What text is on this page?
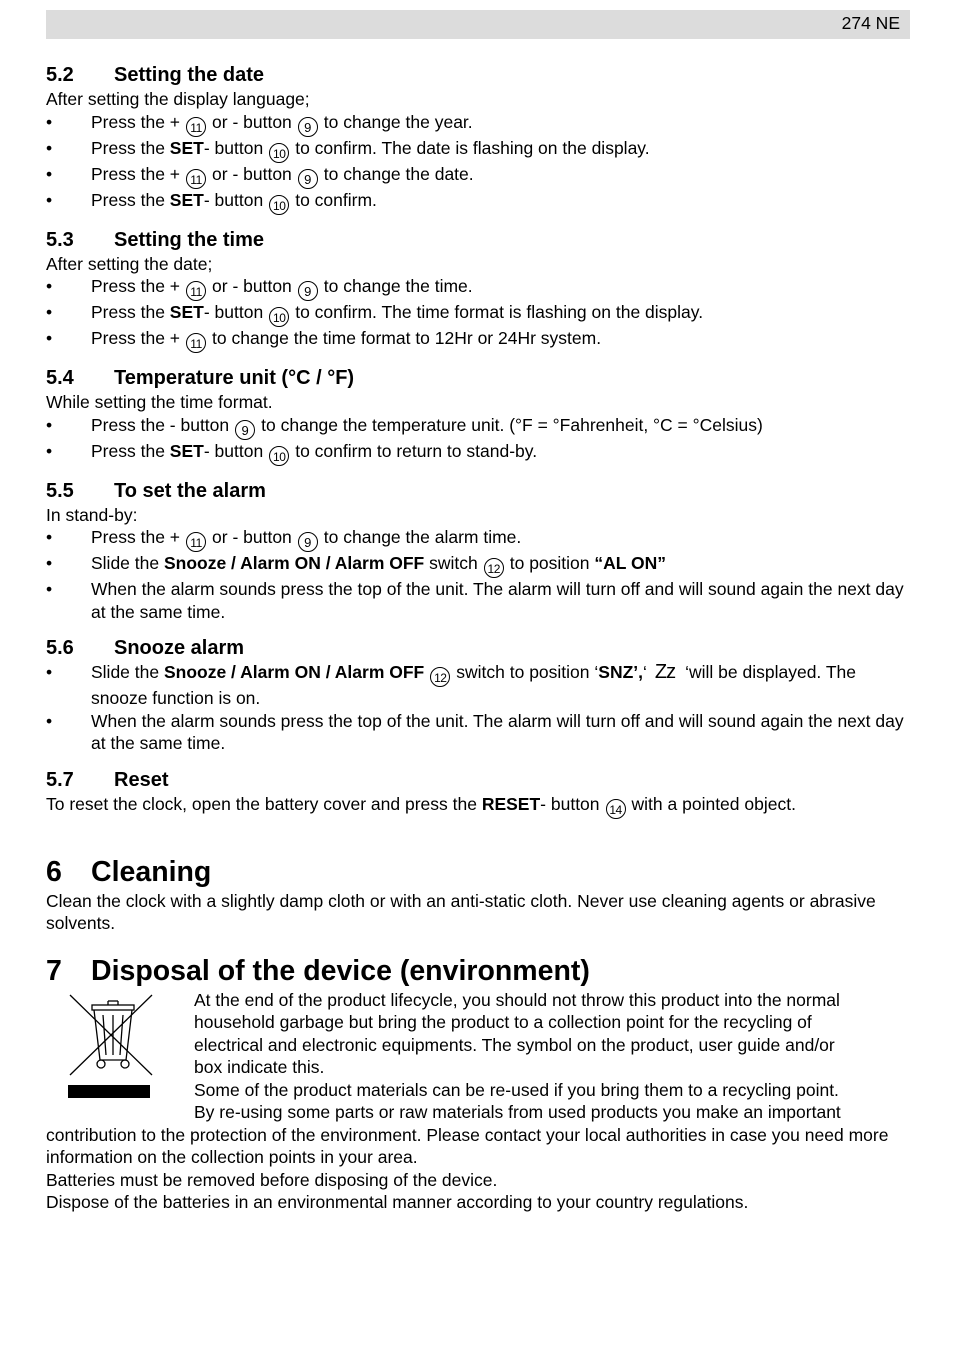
274 NE
5.2	Setting the date
After setting the display language;
• Press the + 11 or - button 9 to change the year.
• Press the SET- button 10 to confirm. The date is flashing on the display.
• Press the + 11 or - button 9 to change the date.
• Press the SET- button 10 to confirm.
5.3	Setting the time
After setting the date;
• Press the + 11 or - button 9 to change the time.
• Press the SET- button 10 to confirm. The time format is flashing on the display.
• Press the + 11 to change the time format to 12Hr or 24Hr system.
5.4	Temperature unit (°C / °F)
While setting the time format.
• Press the - button 9 to change the temperature unit. (°F = °Fahrenheit, °C = °Celsius)
• Press the SET- button 10 to confirm to return to stand-by.
5.5	To set the alarm
In stand-by:
• Press the + 11 or - button 9 to change the alarm time.
• Slide the Snooze / Alarm ON / Alarm OFF switch 12 to position “AL ON”
• When the alarm sounds press the top of the unit. The alarm will turn off and will sound again the next day at the same time.
5.6	Snooze alarm
• Slide the Snooze / Alarm ON / Alarm OFF 12 switch to position ‘SNZ’,‘ Zz ‘will be displayed. The snooze function is on.
• When the alarm sounds press the top of the unit. The alarm will turn off and will sound again the next day at the same time.
5.7	Reset
To reset the clock, open the battery cover and press the RESET- button 14 with a pointed object.
6	Cleaning
Clean the clock with a slightly damp cloth or with an anti-static cloth. Never use cleaning agents or abrasive solvents.
7	Disposal of the device (environment)
At the end of the product lifecycle, you should not throw this product into the normal
household garbage but bring the product to a collection point for the recycling of
electrical and electronic equipments. The symbol on the product, user guide and/or
box indicate this.
Some of the product materials can be re-used if you bring them to a recycling point.
By re-using some parts or raw materials from used products you make an important
contribution to the protection of the environment. Please contact your local authorities in case you need more information on the collection points in your area.
Batteries must be removed before disposing of the device.
Dispose of the batteries in an environmental manner according to your country regulations.
